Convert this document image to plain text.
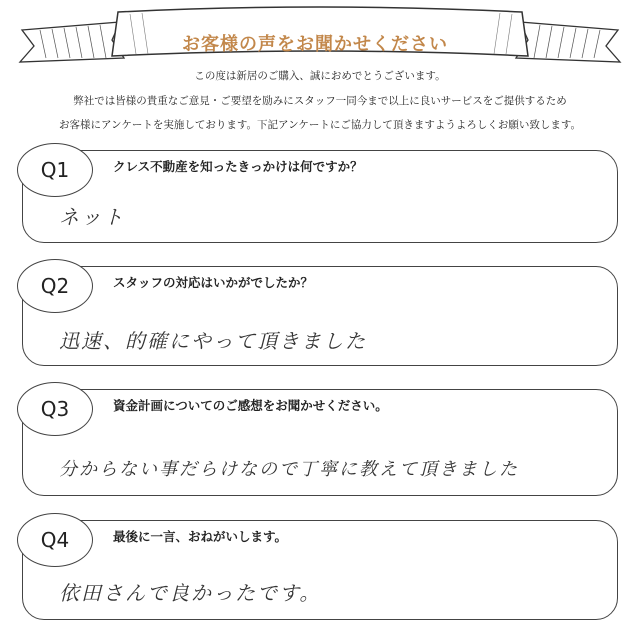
お客様の声をお聞かせください
この度は新居のご購入、誠におめでとうございます。
弊社では皆様の貴重なご意見・ご要望を励みにスタッフ一同今まで以上に良いサービスをご提供するため
お客様にアンケートを実施しております。下記アンケートにご協力して頂きますようよろしくお願い致します。
Q1	クレス不動産を知ったきっかけは何ですか？
ネット
Q2	スタッフの対応はいかがでしたか？
迅速、的確にやって頂きました
Q3	資金計画についてのご感想をお聞かせください。
分からない事だらけなので丁寧に教えて頂きました
Q4	最後に一言、おねがいします。
依田さんで良かったです。
